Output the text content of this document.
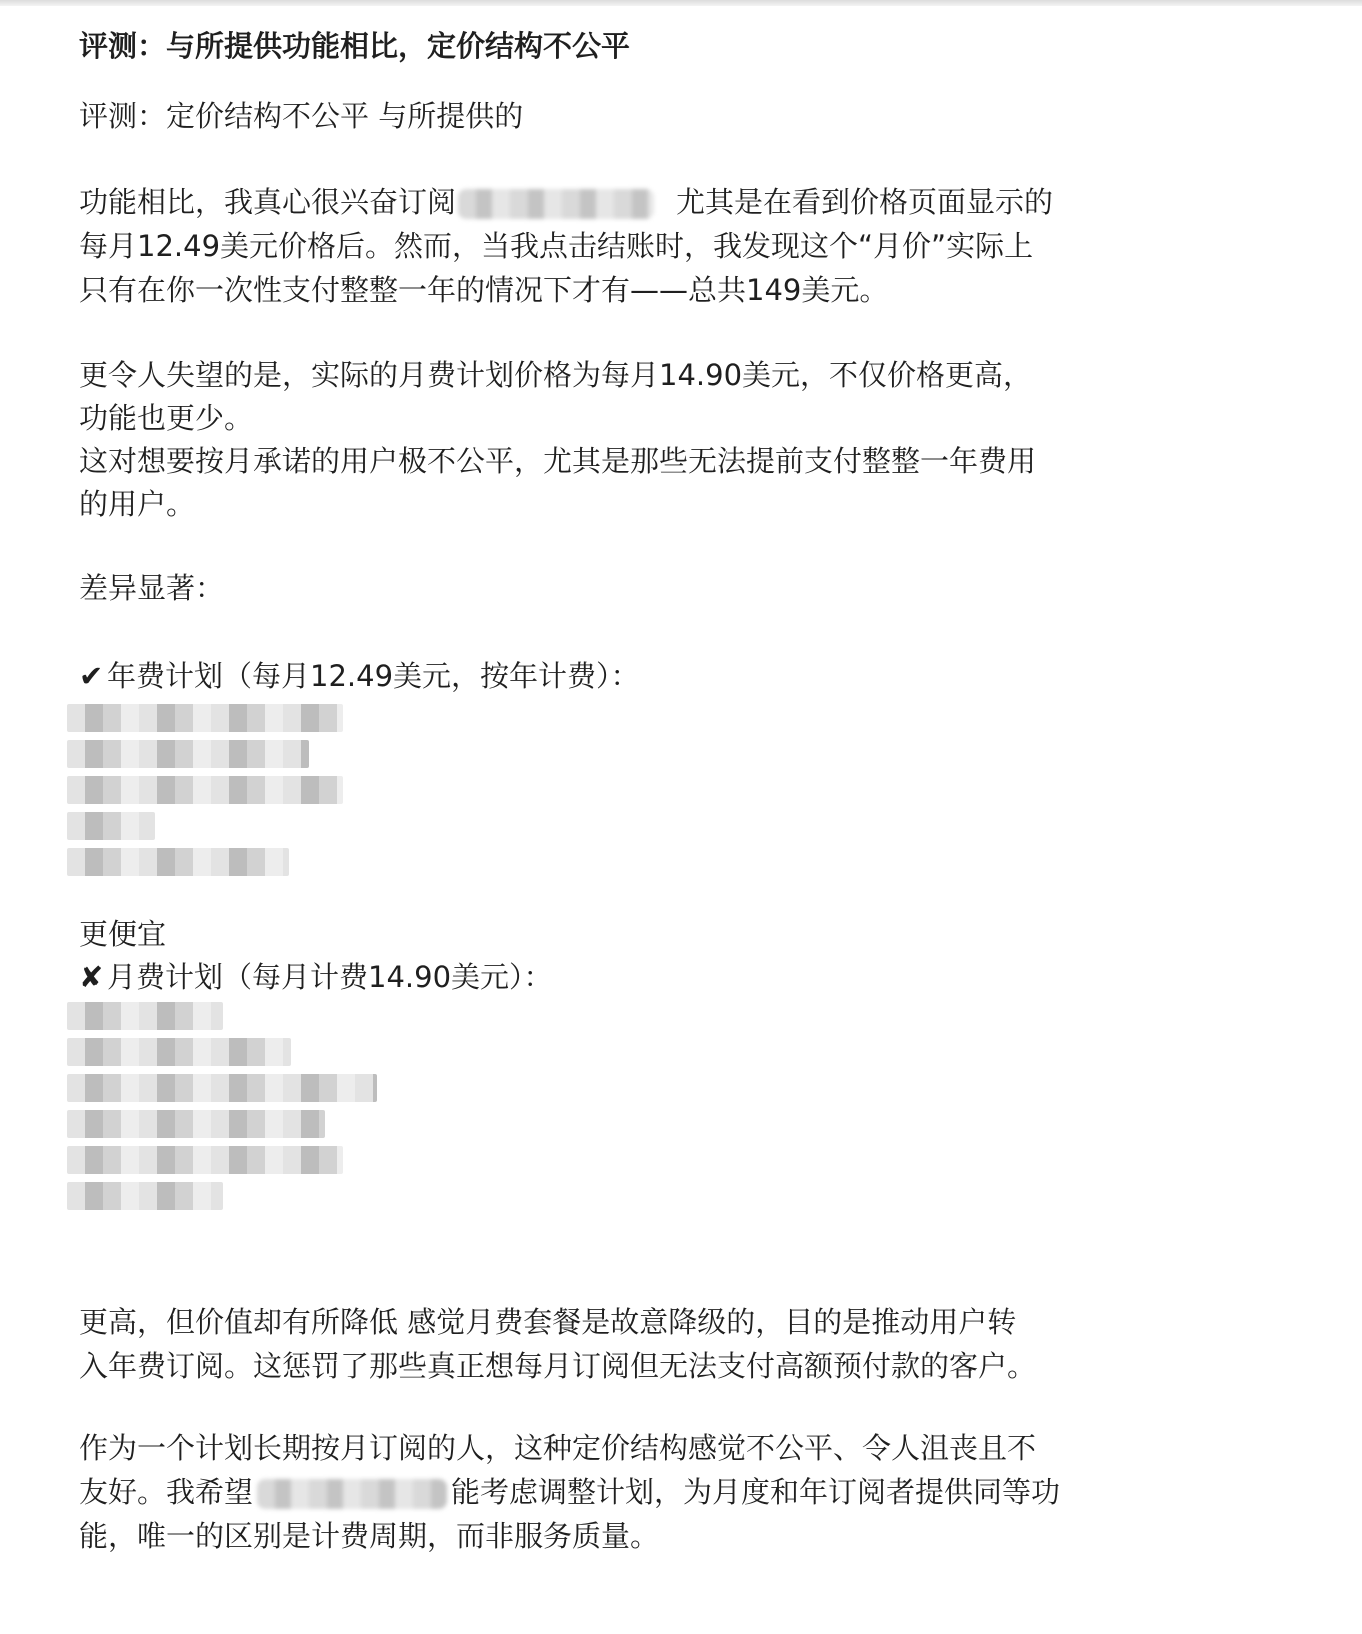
评测：与所提供功能相比，定价结构不公平
评测：定价结构不公平 与所提供的
功能相比，我真心很兴奋订阅	尤其是在看到价格页面显示的
每月12.49美元价格后。然而，当我点击结账时，我发现这个“月价”实际上
只有在你一次性支付整整一年的情况下才有——总共149美元。
更令人失望的是，实际的月费计划价格为每月14.90美元，不仅价格更高，
功能也更少。
这对想要按月承诺的用户极不公平，尤其是那些无法提前支付整整一年费用
的用户。
差异显著：
✔ 年费计划（每月12.49美元，按年计费）：
更便宜
✘ 月费计划（每月计费14.90美元）：
更高，但价值却有所降低 感觉月费套餐是故意降级的，目的是推动用户转
入年费订阅。这惩罚了那些真正想每月订阅但无法支付高额预付款的客户。
作为一个计划长期按月订阅的人，这种定价结构感觉不公平、令人沮丧且不
友好。我希望	能考虑调整计划，为月度和年订阅者提供同等功
能，唯一的区别是计费周期，而非服务质量。
